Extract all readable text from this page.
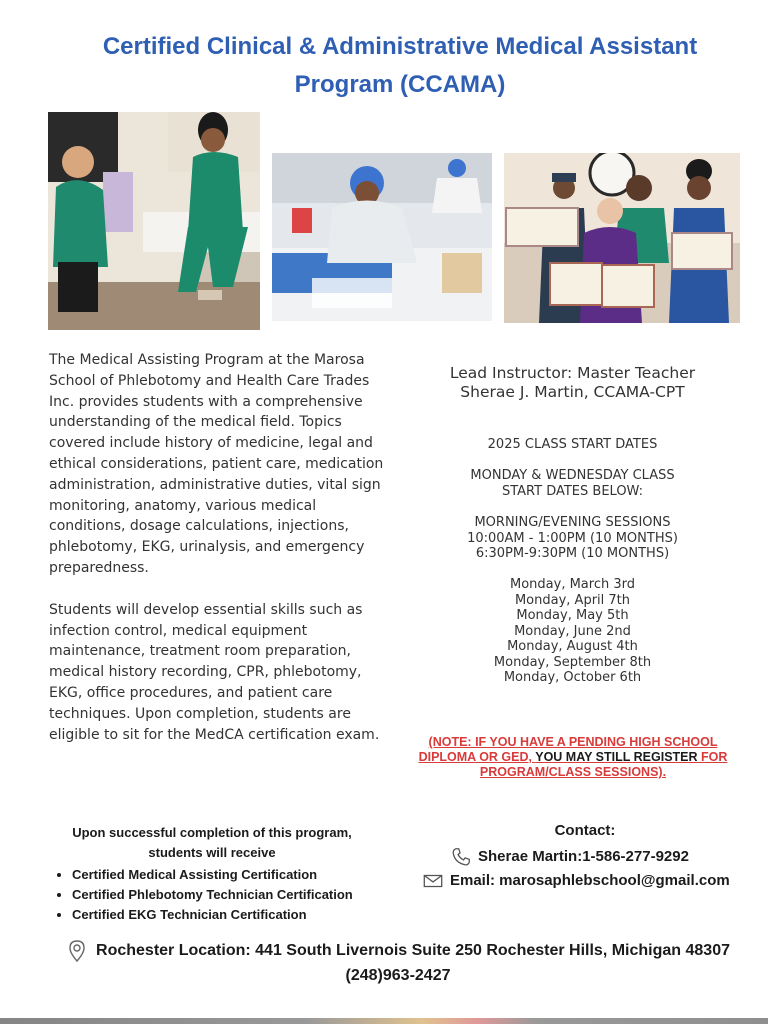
Certified Clinical & Administrative Medical Assistant
Program (CCAMA)

The Medical Assisting Program at the Marosa School of Phlebotomy and Health Care Trades Inc. provides students with a comprehensive understanding of the medical field. Topics covered include history of medicine, legal and ethical considerations, patient care, medication administration, administrative duties, vital sign monitoring, anatomy, various medical conditions, dosage calculations, injections, phlebotomy, EKG, urinalysis, and emergency preparedness.

Students will develop essential skills such as infection control, medical equipment maintenance, treatment room preparation, medical history recording, CPR, phlebotomy, EKG, office procedures, and patient care techniques. Upon completion, students are eligible to sit for the MedCA certification exam.

Lead Instructor: Master Teacher
Sherae J. Martin, CCAMA-CPT
2025 CLASS START DATES
MONDAY & WEDNESDAY CLASS
START DATES BELOW:
MORNING/EVENING SESSIONS
10:00AM - 1:00PM (10 MONTHS)
6:30PM-9:30PM (10 MONTHS)
Monday, March 3rd
Monday, April 7th
Monday, May 5th
Monday, June 2nd
Monday, August 4th
Monday, September 8th
Monday, October 6th
(NOTE: IF YOU HAVE A PENDING HIGH SCHOOL
DIPLOMA OR GED, YOU MAY STILL REGISTER FOR
PROGRAM/CLASS SESSIONS).
Upon successful completion of this program,
students will receive
• Certified Medical Assisting Certification
• Certified Phlebotomy Technician Certification
• Certified EKG Technician Certification
Contact:
Sherae Martin:1-586-277-9292
Email: marosaphlebschool@gmail.com
Rochester Location: 441 South Livernois Suite 250 Rochester Hills, Michigan 48307
(248)963-2427
